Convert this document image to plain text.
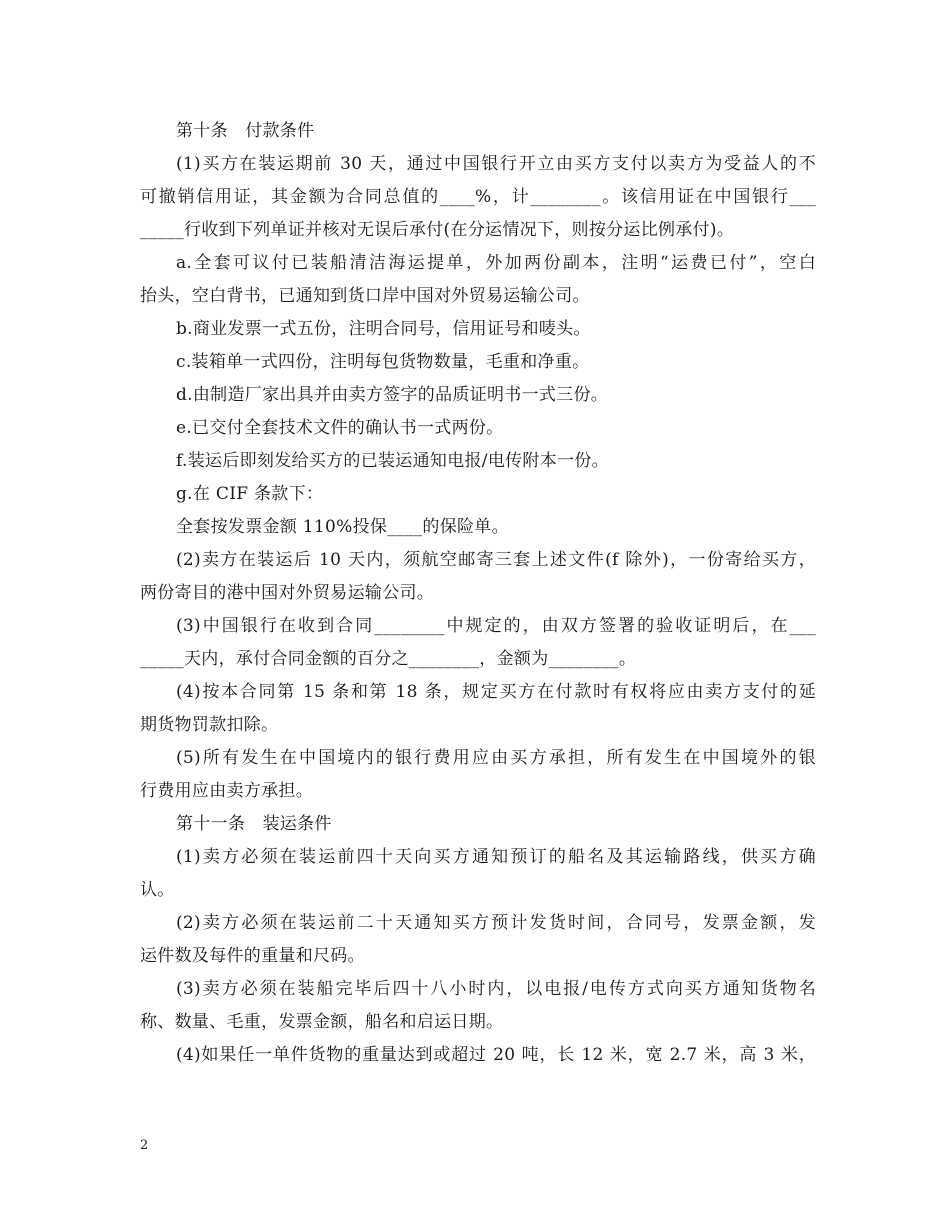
第十条　付款条件
(1)买方在装运期前 30 天，通过中国银行开立由买方支付以卖方为受益人的不
可撤销信用证，其金额为合同总值的____%，计________。该信用证在中国银行___
_____行收到下列单证并核对无误后承付(在分运情况下，则按分运比例承付)。
a.全套可议付已装船清洁海运提单，外加两份副本，注明“运费已付”，空白
抬头，空白背书，已通知到货口岸中国对外贸易运输公司。
b.商业发票一式五份，注明合同号，信用证号和唛头。
c.装箱单一式四份，注明每包货物数量，毛重和净重。
d.由制造厂家出具并由卖方签字的品质证明书一式三份。
e.已交付全套技术文件的确认书一式两份。
f.装运后即刻发给买方的已装运通知电报/电传附本一份。
g.在 CIF 条款下：
全套按发票金额 110%投保____的保险单。
(2)卖方在装运后 10 天内，须航空邮寄三套上述文件(f 除外)，一份寄给买方，
两份寄目的港中国对外贸易运输公司。
(3)中国银行在收到合同________中规定的，由双方签署的验收证明后，在___
_____天内，承付合同金额的百分之________，金额为________。
(4)按本合同第 15 条和第 18 条，规定买方在付款时有权将应由卖方支付的延
期货物罚款扣除。
(5)所有发生在中国境内的银行费用应由买方承担，所有发生在中国境外的银
行费用应由卖方承担。
第十一条　装运条件
(1)卖方必须在装运前四十天向买方通知预订的船名及其运输路线，供买方确
认。
(2)卖方必须在装运前二十天通知买方预计发货时间，合同号，发票金额，发
运件数及每件的重量和尺码。
(3)卖方必须在装船完毕后四十八小时内，以电报/电传方式向买方通知货物名
称、数量、毛重，发票金额，船名和启运日期。
(4)如果任一单件货物的重量达到或超过 20 吨，长 12 米，宽 2.7 米，高 3 米，
2
